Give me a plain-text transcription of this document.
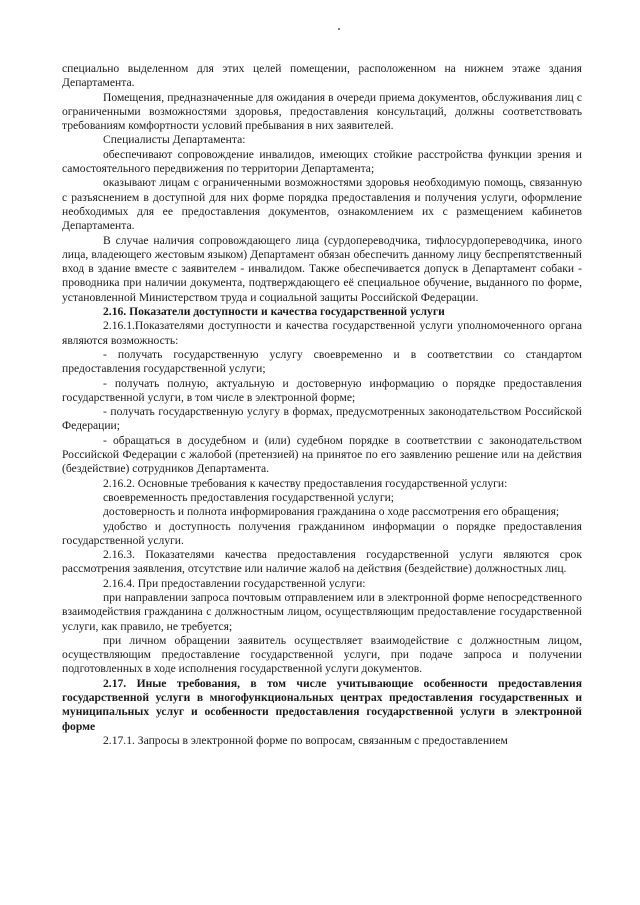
специально выделенном для этих целей помещении, расположенном на нижнем этаже здания Департамента.

Помещения, предназначенные для ожидания в очереди приема документов, обслуживания лиц с ограниченными возможностями здоровья, предоставления консультаций, должны соответствовать требованиям комфортности условий пребывания в них заявителей.

Специалисты Департамента:

обеспечивают сопровождение инвалидов, имеющих стойкие расстройства функции зрения и самостоятельного передвижения по территории Департамента;

оказывают лицам с ограниченными возможностями здоровья необходимую помощь, связанную с разъяснением в доступной для них форме порядка предоставления и получения услуги, оформление необходимых для ее предоставления документов, ознакомлением их с размещением кабинетов Департамента.

В случае наличия сопровождающего лица (сурдопереводчика, тифлосурдопереводчика, иного лица, владеющего жестовым языком) Департамент обязан обеспечить данному лицу беспрепятственный вход в здание вместе с заявителем - инвалидом. Также обеспечивается допуск в Департамент собаки - проводника при наличии документа, подтверждающего её специальное обучение, выданного по форме, установленной Министерством труда и социальной защиты Российской Федерации.

2.16. Показатели доступности и качества государственной услуги

2.16.1.Показателями доступности и качества государственной услуги уполномоченного органа являются возможность:

- получать государственную услугу своевременно и в соответствии со стандартом предоставления государственной услуги;

- получать полную, актуальную и достоверную информацию о порядке предоставления государственной услуги, в том числе в электронной форме;

- получать государственную услугу в формах, предусмотренных законодательством Российской Федерации;

- обращаться в досудебном и (или) судебном порядке в соответствии с законодательством Российской Федерации с жалобой (претензией) на принятое по его заявлению решение или на действия (бездействие) сотрудников Департамента.

2.16.2. Основные требования к качеству предоставления государственной услуги:

своевременность предоставления государственной услуги;

достоверность и полнота информирования гражданина о ходе рассмотрения его обращения;

удобство и доступность получения гражданином информации о порядке предоставления государственной услуги.

2.16.3. Показателями качества предоставления государственной услуги являются срок рассмотрения заявления, отсутствие или наличие жалоб на действия (бездействие) должностных лиц.

2.16.4. При предоставлении государственной услуги:

при направлении запроса почтовым отправлением или в электронной форме непосредственного взаимодействия гражданина с должностным лицом, осуществляющим предоставление государственной услуги, как правило, не требуется;

при личном обращении заявитель осуществляет взаимодействие с должностным лицом, осуществляющим предоставление государственной услуги, при подаче запроса и получении подготовленных в ходе исполнения государственной услуги документов.

2.17. Иные требования, в том числе учитывающие особенности предоставления государственной услуги в многофункциональных центрах предоставления государственных и муниципальных услуг и особенности предоставления государственной услуги в электронной форме

2.17.1. Запросы в электронной форме по вопросам, связанным с предоставлением
